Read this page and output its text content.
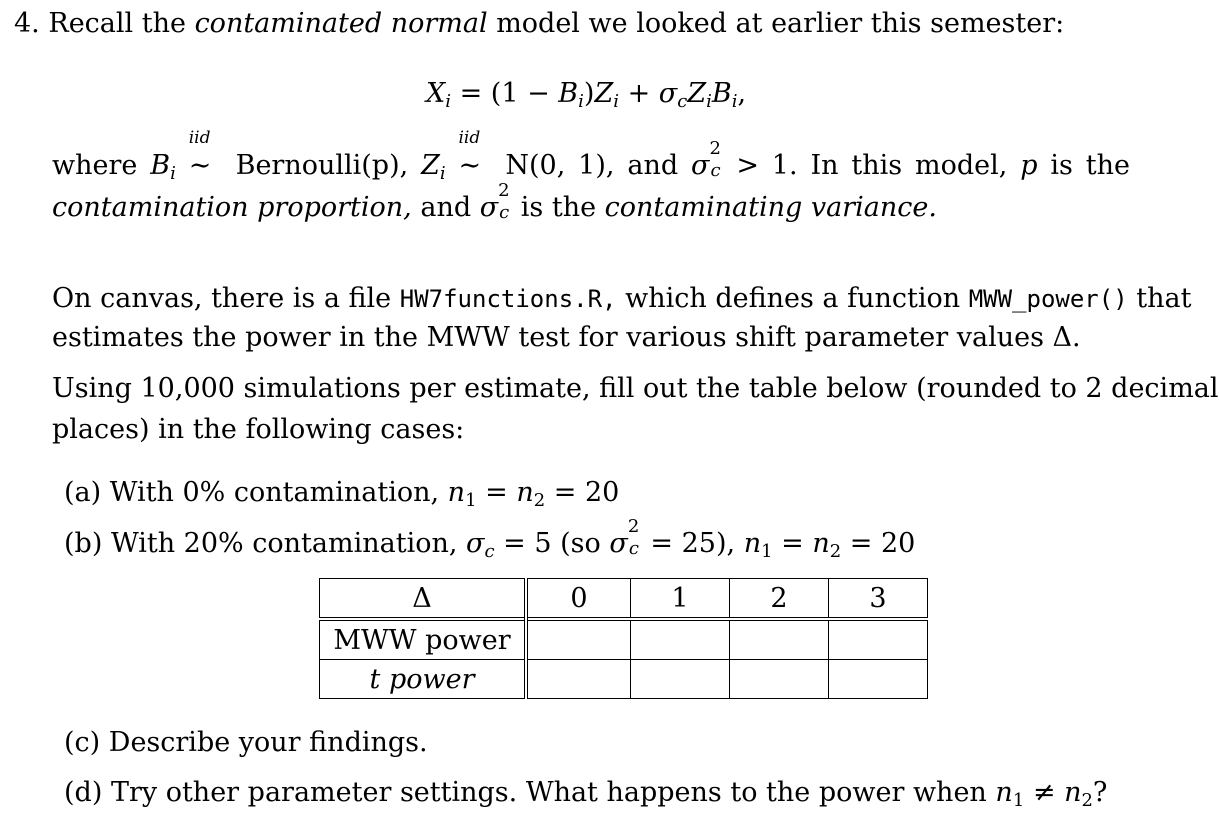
4. Recall the contaminated normal model we looked at earlier this semester:
$X_i = (1 - B_i)Z_i + \sigma_cZ_iB_i$,
where $B_i$
iid
∼ Bernoulli(p), $Z_i$
iid
∼ N(0, 1), and σ
2
c > 1. In this model, p is the
contamination proportion, and σ
2
c is the contaminating variance.
On canvas, there is a file HW7functions.R, which defines a function MWW_power() that
estimates the power in the MWW test for various shift parameter values Δ.
Using 10,000 simulations per estimate, fill out the table below (rounded to 2 decimal
places) in the following cases:
(a) With 0% contamination, $n_1 = n_2 = 20$
(b) With 20% contamination, $\sigma_c = 5$ (so σ
2
c = 25), $n_1 = n_2 = 20$
Δ	0	1	2	3
MWW power				
t power				
(c) Describe your findings.
(d) Try other parameter settings. What happens to the power when $n_1 \ne n_2$?
